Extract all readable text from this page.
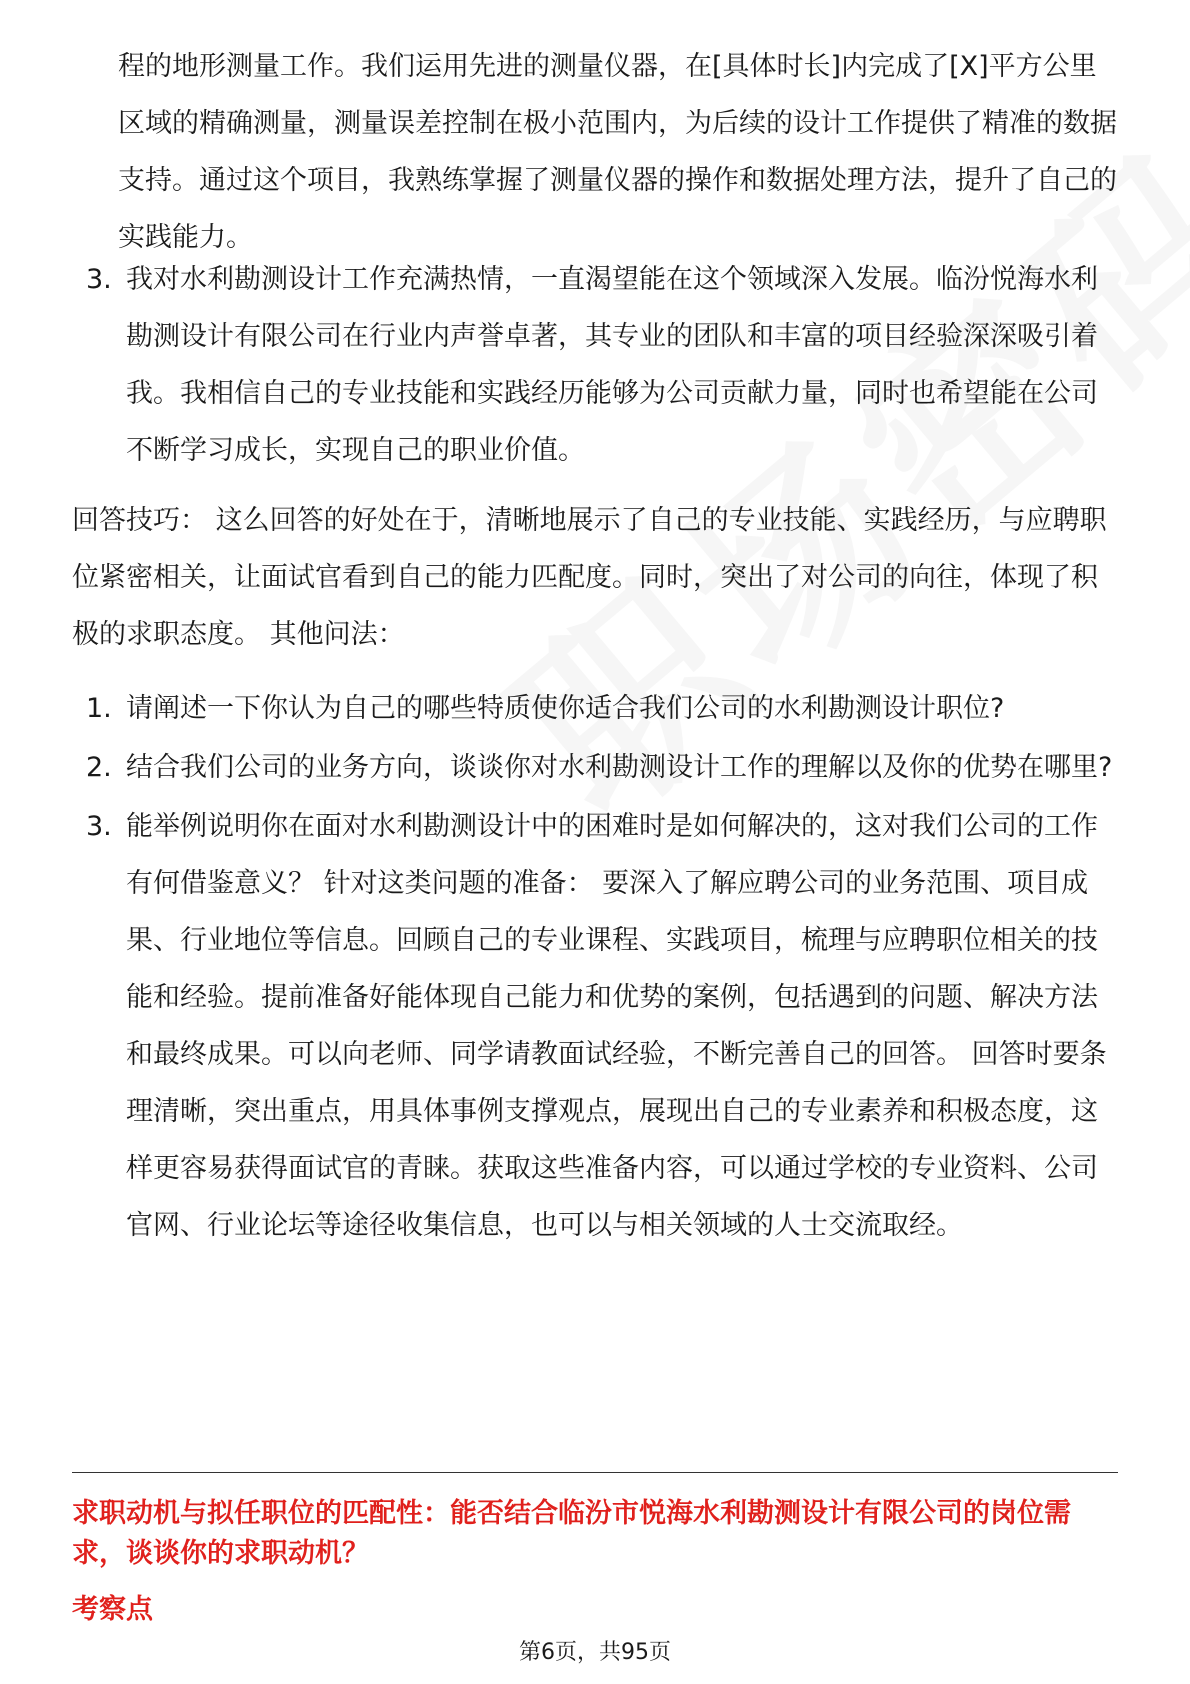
程的地形测量工作。我们运用先进的测量仪器，在[具体时长]内完成了[X]平方公里区域的精确测量，测量误差控制在极小范围内，为后续的设计工作提供了精准的数据支持。通过这个项目，我熟练掌握了测量仪器的操作和数据处理方法，提升了自己的实践能力。

3. 我对水利勘测设计工作充满热情，一直渴望能在这个领域深入发展。临汾悦海水利勘测设计有限公司在行业内声誉卓著，其专业的团队和丰富的项目经验深深吸引着我。我相信自己的专业技能和实践经历能够为公司贡献力量，同时也希望能在公司不断学习成长，实现自己的职业价值。

回答技巧： 这么回答的好处在于，清晰地展示了自己的专业技能、实践经历，与应聘职位紧密相关，让面试官看到自己的能力匹配度。同时，突出了对公司的向往，体现了积极的求职态度。 其他问法：

1. 请阐述一下你认为自己的哪些特质使你适合我们公司的水利勘测设计职位?
2. 结合我们公司的业务方向，谈谈你对水利勘测设计工作的理解以及你的优势在哪里?
3. 能举例说明你在面对水利勘测设计中的困难时是如何解决的，这对我们公司的工作有何借鉴意义？ 针对这类问题的准备： 要深入了解应聘公司的业务范围、项目成果、行业地位等信息。回顾自己的专业课程、实践项目，梳理与应聘职位相关的技能和经验。提前准备好能体现自己能力和优势的案例，包括遇到的问题、解决方法和最终成果。可以向老师、同学请教面试经验，不断完善自己的回答。 回答时要条理清晰，突出重点，用具体事例支撑观点，展现出自己的专业素养和积极态度，这样更容易获得面试官的青睐。获取这些准备内容，可以通过学校的专业资料、公司官网、行业论坛等途径收集信息，也可以与相关领域的人士交流取经。

求职动机与拟任职位的匹配性：能否结合临汾市悦海水利勘测设计有限公司的岗位需求，谈谈你的求职动机？

考察点

第6页，共95页
